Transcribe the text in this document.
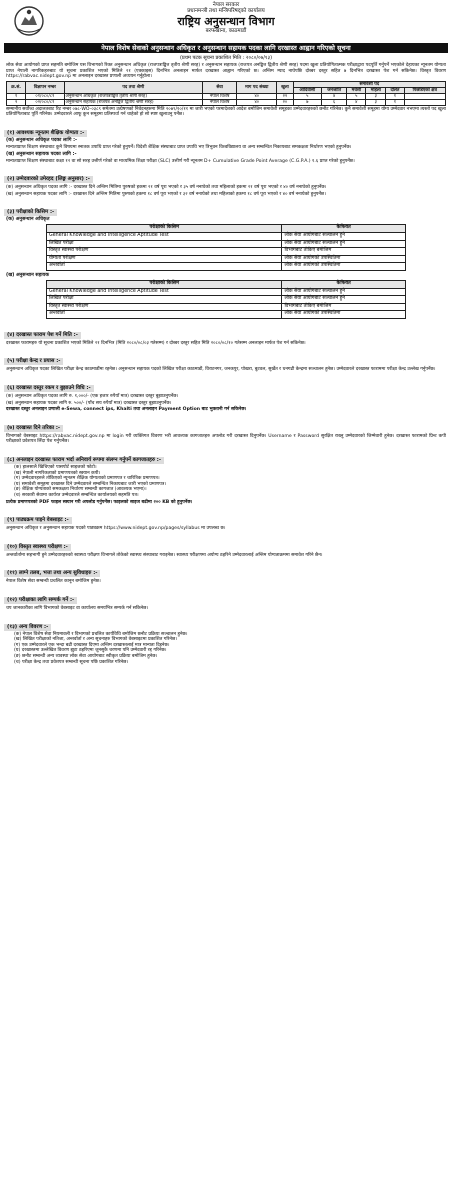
नेपाल सरकार
प्रधानमन्त्री तथा मन्त्रिपरिषद्को कार्यालय
राष्ट्रिय अनुसन्धान विभाग
बरफखाना, काठमाडौं
नेपाल विशेष सेवाको अनुसन्धान अधिकृत र अनुसन्धान सहायक पदका लागि दरखास्त आह्वान गरिएको सूचना
(प्रथम पटक सूचना प्रकाशित मिति : २०८०/०७/१३)
लोक सेवा आयोगको प्राप्त सहमति बमोजिम यस विभागको रिक्त अनुसन्धान अधिकृत (राजपत्राङ्कित तृतीय श्रेणी सरह) र अनुसन्धान सहायक (राजपत्र अनङ्कित द्वितीय श्रेणी सरह) पदमा खुला प्रतियोगितात्मक परीक्षाद्वारा पदपूर्ति गर्नुपर्ने भएकोले देहायका न्यूनतम योग्यता प्राप्त नेपाली नागरिकहरुबाट यो सूचना प्रकाशित भएको मितिले २१ (एक्काइस) दिनभित्र अनलाइन मार्फत दरखास्त आह्वान गरिएको छ। अन्तिम म्याद नाघेपछि दोब्बर दस्तुर सहित ७ दिनभित्र दरखास्त पेश गर्न सकिनेछ। विस्तृत विवरण https://rabvac.nidept.gov.np मा अनलाइन दरखास्त प्रणाली अध्ययन गर्नुहोला।
क्र.सं.	विज्ञापन नम्बर	पद तथा श्रेणी	सेवा	माग पद संख्या	खुला	समावेशी पद					
						आदिवासी	जनजाति	मधेशी	महिला	दलित	पिछडिएको क्षेत्र
१	०१/०८०/८१	अनुसन्धान अधिकृत (राजपत्राङ्कित तृतीय श्रेणी सरह)	नेपाल विशेष	४०	२२	५	४	५	३	१	
२	०२/०८०/८१	अनुसन्धान सहायक (राजपत्र अनङ्कित द्वितीय श्रेणी सरह)	नेपाल विशेष	४०	२०	७	६	४	३	१	
सम्मानीय सर्वोच्च अदालतबाट रिट नम्बर ०७८-WO-०३८९ समेतमा उत्प्रेषणको निवेदनहरुमा मिति २०७९/१०/११ मा जारी भएको परमादेशको आदेश बमोजिम समावेशी समूहका उम्मेदवारहरुको छनौट गरिनेछ। कुनै समावेशी समूहमा योग्य उम्मेदवार नभएमा त्यस्तो पद खुला प्रतियोगिताबाट पूर्ति गरिनेछ। उम्मेदवारले आफू कुन समूहमा प्रतिस्पर्धा गर्न चाहेको हो सो स्पष्ट खुलाउनु पर्नेछ।
(१) आवश्यक न्यूनतम शैक्षिक योग्यता :-
(क) अनुसन्धान अधिकृत पदका लागि :-
मान्यताप्राप्त शिक्षण संस्थाबाट कुनै विषयमा स्नातक उपाधि प्राप्त गरेको हुनुपर्ने। विदेशी शैक्षिक संस्थाबाट प्राप्त उपाधि भए त्रिभुवन विश्वविद्यालय वा अन्य सम्बन्धित निकायबाट समकक्षता निर्धारण भएको हुनुपर्नेछ।
(ख) अनुसन्धान सहायक पदका लागि :-
मान्यताप्राप्त शिक्षण संस्थाबाट कक्षा १२ वा सो सरह उत्तीर्ण गरेको वा माध्यमिक शिक्षा परीक्षा (SLC) उत्तीर्ण गरी न्यूनतम D+ Cumulative Grade Point Average (C.G.P.A.) १.६ प्राप्त गरेको हुनुपर्नेछ।
(२) उम्मेदवारको उमेरहद (लिङ्ग अनुसार) :-
(क) अनुसन्धान अधिकृत पदका लागि :- दरखास्त दिने अन्तिम मितिमा पुरुषको हकमा २१ वर्ष पूरा भएको र ३५ वर्ष ननाघेको तथा महिलाको हकमा २१ वर्ष पूरा भएको र ४० वर्ष ननाघेको हुनुपर्नेछ।
(ख) अनुसन्धान सहायक पदका लागि :- दरखास्त दिने अन्तिम मितिमा पुरुषको हकमा १८ वर्ष पूरा भएको र ३२ वर्ष ननाघेको तथा महिलाको हकमा १८ वर्ष पूरा भएको र ४० वर्ष ननाघेको हुनुपर्नेछ।
(३) परीक्षाको किसिम :-
(क) अनुसन्धान अधिकृत
परीक्षाको किसिम	कैफियत
General Knowledge and Intelligence Aptitude Test	लोक सेवा आयोगबाट सञ्चालन हुने
लिखित परीक्षा	लोक सेवा आयोगबाट सञ्चालन हुने
विस्तृत स्वास्थ्य परीक्षण	विभागबाट तोकिए बमोजिम
योग्यता परीक्षण	लोक सेवा आयोगको उपस्थितिमा
अन्तर्वार्ता	लोक सेवा आयोगको उपस्थितिमा
(ख) अनुसन्धान सहायक
परीक्षाको किसिम	कैफियत
General Knowledge and Intelligence Aptitude Test	लोक सेवा आयोगबाट सञ्चालन हुने
लिखित परीक्षा	लोक सेवा आयोगबाट सञ्चालन हुने
विस्तृत स्वास्थ्य परीक्षण	विभागबाट तोकिए बमोजिम
अन्तर्वार्ता	लोक सेवा आयोगको उपस्थितिमा
(४) दरखास्त फाराम पेश गर्ने मिति :-
दरखास्त फारामहरु यो सूचना प्रकाशित भएको मितिले २१ दिनभित्र (मिति २०८०/०८/०३ गतेसम्म) र दोब्बर दस्तुर सहित मिति २०८०/०८/१० गतेसम्म अनलाइन मार्फत पेश गर्न सकिनेछ।
(५) परीक्षा केन्द्र र प्रयास :-
अनुसन्धान अधिकृत पदका लिखित परीक्षा केन्द्र काठमाडौंमा रहनेछ। अनुसन्धान सहायक पदको लिखित परीक्षा काठमाडौं, विराटनगर, जनकपुर, पोखरा, बुटवल, सुर्खेत र धनगढी केन्द्रमा सञ्चालन हुनेछ। उम्मेदवारले दरखास्त फाराममा परीक्षा केन्द्र उल्लेख गर्नुपर्नेछ।
(६) दरखास्त दस्तुर रकम र बुझाउने विधि :-
(क) अनुसन्धान अधिकृत पदका लागि रु. १,०००/- (एक हजार रुपैयाँ मात्र) दरखास्त दस्तुर बुझाउनुपर्नेछ।
(ख) अनुसन्धान सहायक पदका लागि रु. ५००/- (पाँच सय रुपैयाँ मात्र) दरखास्त दस्तुर बुझाउनुपर्नेछ।
दरखास्त दस्तुर अनलाइन प्रणाली e-Sewa, connect ips, Khalti तथा अनलाइन Payment Option बाट भुक्तानी गर्न सकिनेछ।
(७) दरखास्त दिने तरिका :-
विभागको वेबसाइट https://rabvac.nidept.gov.np मा login गरी व्यक्तिगत विवरण भरी आवश्यक कागजातहरु अपलोड गरी दरखास्त दिनुपर्नेछ। Username र Password सुरक्षित राख्नु उम्मेदवारको जिम्मेवारी हुनेछ। दरखास्त फारामको प्रिन्ट कपी परीक्षाको प्रवेशपत्र लिँदा पेश गर्नुपर्नेछ।
(८) अनलाइन दरखास्त फाराम भर्दा अनिवार्य रूपमा संलग्न गर्नुपर्ने कागजातहरु :-
(क) हालसालै खिचिएको पासपोर्ट साइजको फोटो।
(ख) नेपाली नागरिकताको प्रमाणपत्रको स्क्यान कपी।
(ग) उम्मेदवारहरुले तोकिएको न्यूनतम शैक्षिक योग्यताको प्रमाणपत्र र चारित्रिक प्रमाणपत्र।
(घ) समावेशी समूहमा दरखास्त दिने उम्मेदवारले सम्बन्धित निकायबाट जारी भएको प्रमाणपत्र।
(ङ) शैक्षिक योग्यताको समकक्षता निर्धारण सम्बन्धी कागजात (आवश्यक भएमा)।
(च) सरकारी सेवामा कार्यरत उम्मेदवारले सम्बन्धित कार्यालयको सहमति पत्र।
प्रत्येक प्रमाणपत्रको PDF फाइल स्क्यान गरी अपलोड गर्नुपर्नेछ। फाइलको साइज बढीमा २०० KB को हुनुपर्नेछ।
(९) पाठ्यक्रम पाइने वेबसाइट :-
अनुसन्धान अधिकृत र अनुसन्धान सहायक पदको पाठ्यक्रम https://www.nidept.gov.np/pages/syllabus मा उपलब्ध छ।
(१०) विस्तृत स्वास्थ्य परीक्षण :-
अन्तर्वार्तामा सहभागी हुने उम्मेदवारहरुको स्वास्थ्य परीक्षण विभागले तोकेको स्वास्थ्य संस्थाबाट गराइनेछ। स्वास्थ्य परीक्षणमा अयोग्य ठहरिने उम्मेदवारलाई अन्तिम योग्यताक्रममा समावेश गरिने छैन।
(११) लाग्ने तलब, भत्ता तथा अन्य सुविधाहरु :-
नेपाल विशेष सेवा सम्बन्धी प्रचलित कानून बमोजिम हुनेछ।
(१२) परीक्षाका लागि सम्पर्क गर्ने :-
थप जानकारीका लागि विभागको वेबसाइट वा कार्यालय समयभित्र सम्पर्क गर्न सकिनेछ।
(१३) अन्य विवरण :-
(क) नेपाल विशेष सेवा नियमावली र विभागको प्रचलित कार्यविधि बमोजिम छनौट प्रक्रिया सञ्चालन हुनेछ।
(ख) लिखित परीक्षाको नतिजा, अन्तर्वार्ता र अन्य सूचनाहरु विभागको वेबसाइटमा प्रकाशित गरिनेछ।
(ग) एक उम्मेदवारले एक भन्दा बढी दरखास्त दिएमा अन्तिम दरखास्तलाई मात्र मान्यता दिइनेछ।
(घ) दरखास्तमा उल्लेखित विवरण झुटा ठहरिएमा जुनसुकै चरणमा पनि उम्मेदवारी रद्द गरिनेछ।
(ङ) छनौट सम्बन्धी अन्य व्यवस्था लोक सेवा आयोगबाट स्वीकृत प्रक्रिया बमोजिम हुनेछ।
(च) परीक्षा केन्द्र तथा प्रवेशपत्र सम्बन्धी सूचना पछि प्रकाशित गरिनेछ।
